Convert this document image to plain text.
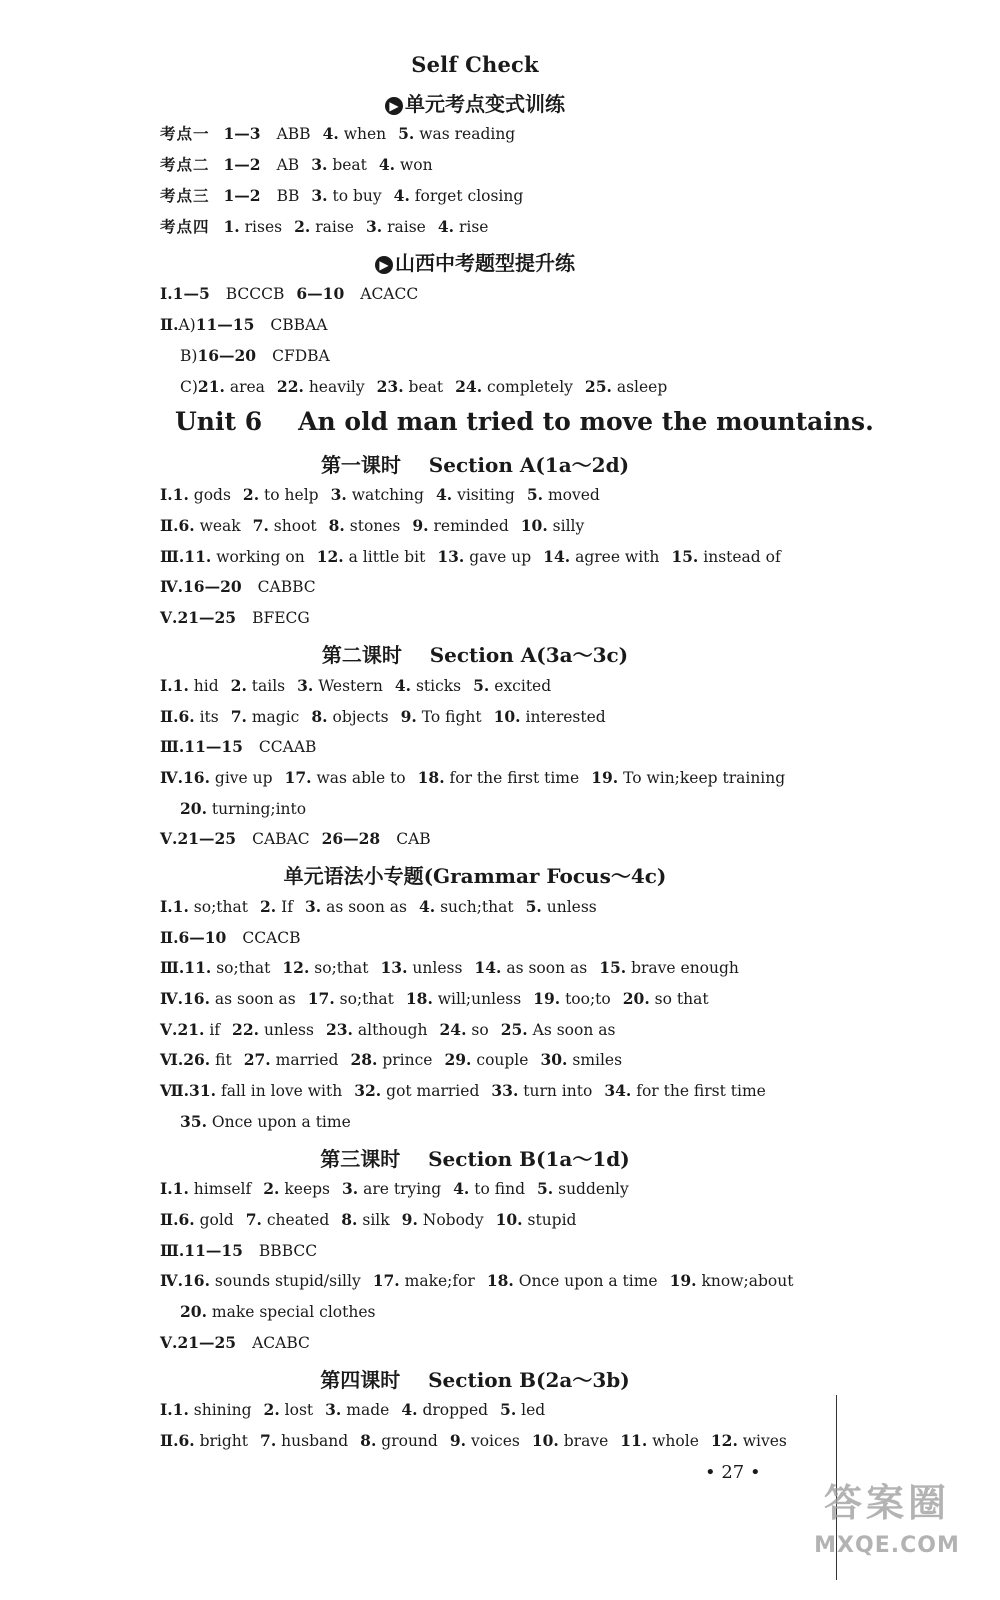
Self Check
▶ 单元考点变式训练
考点一 1—3 ABB 4. when 5. was reading
考点二 1—2 AB 3. beat 4. won
考点三 1—2 BB 3. to buy 4. forget closing
考点四 1. rises 2. raise 3. raise 4. rise
▶ 山西中考题型提升练
Ⅰ.1—5 BCCCB 6—10 ACACC
Ⅱ.A)11—15 CBBAA
B)16—20 CFDBA
C)21. area 22. heavily 23. beat 24. completely 25. asleep
Unit 6 An old man tried to move the mountains.
第一课时 Section A(1a～2d)
Ⅰ.1. gods 2. to help 3. watching 4. visiting 5. moved
Ⅱ.6. weak 7. shoot 8. stones 9. reminded 10. silly
Ⅲ.11. working on 12. a little bit 13. gave up 14. agree with 15. instead of
Ⅳ.16—20 CABBC
Ⅴ.21—25 BFECG
第二课时 Section A(3a～3c)
Ⅰ.1. hid 2. tails 3. Western 4. sticks 5. excited
Ⅱ.6. its 7. magic 8. objects 9. To fight 10. interested
Ⅲ.11—15 CCAAB
Ⅳ.16. give up 17. was able to 18. for the first time 19. To win;keep training
20. turning;into
Ⅴ.21—25 CABAC 26—28 CAB
单元语法小专题(Grammar Focus～4c)
Ⅰ.1. so;that 2. If 3. as soon as 4. such;that 5. unless
Ⅱ.6—10 CCACB
Ⅲ.11. so;that 12. so;that 13. unless 14. as soon as 15. brave enough
Ⅳ.16. as soon as 17. so;that 18. will;unless 19. too;to 20. so that
Ⅴ.21. if 22. unless 23. although 24. so 25. As soon as
Ⅵ.26. fit 27. married 28. prince 29. couple 30. smiles
Ⅶ.31. fall in love with 32. got married 33. turn into 34. for the first time
35. Once upon a time
第三课时 Section B(1a～1d)
Ⅰ.1. himself 2. keeps 3. are trying 4. to find 5. suddenly
Ⅱ.6. gold 7. cheated 8. silk 9. Nobody 10. stupid
Ⅲ.11—15 BBBCC
Ⅳ.16. sounds stupid/silly 17. make;for 18. Once upon a time 19. know;about
20. make special clothes
Ⅴ.21—25 ACABC
第四课时 Section B(2a～3b)
Ⅰ.1. shining 2. lost 3. made 4. dropped 5. led
Ⅱ.6. bright 7. husband 8. ground 9. voices 10. brave 11. whole 12. wives
• 27 •
答案圈
MXQE.COM
